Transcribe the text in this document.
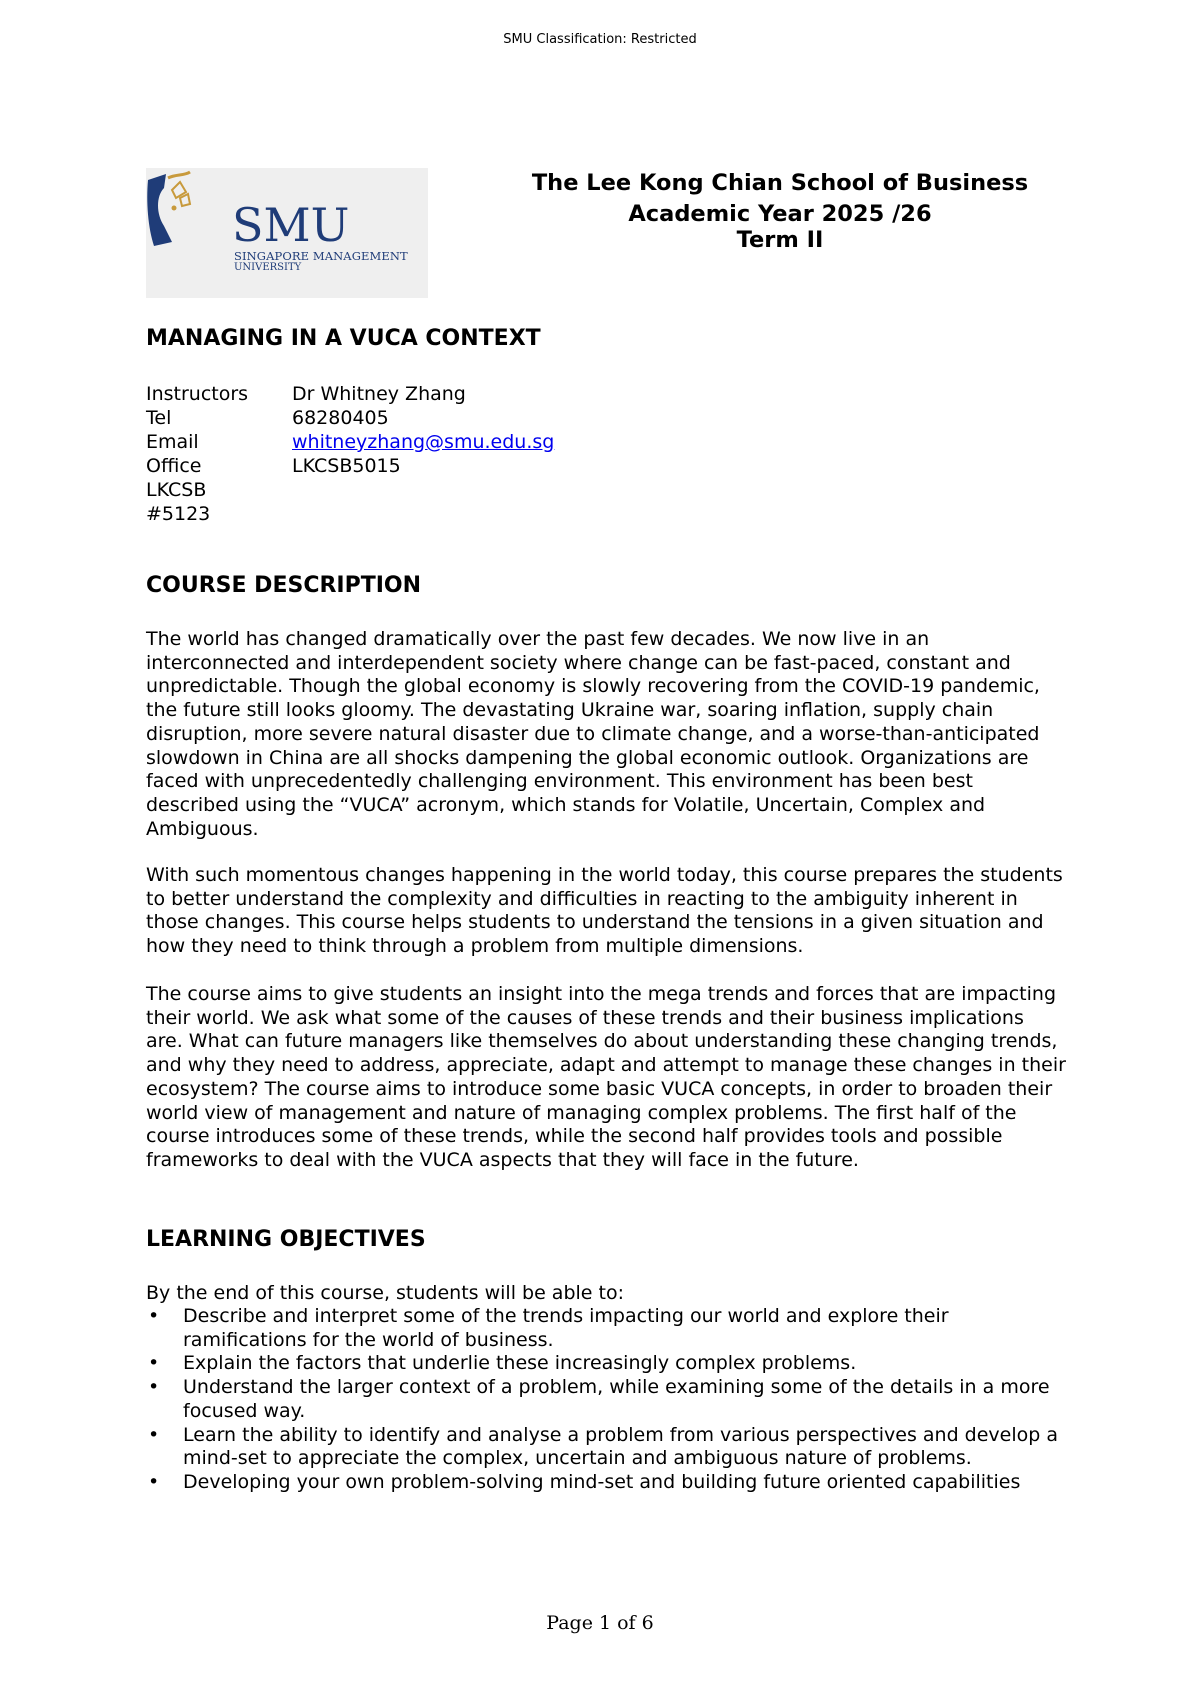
SMU Classification: Restricted
SMU
SINGAPORE MANAGEMENT
UNIVERSITY
The Lee Kong Chian School of Business
Academic Year 2025 /26
Term II
MANAGING IN A VUCA CONTEXT
Instructors	Dr Whitney Zhang
Tel	68280405
Email	whitneyzhang@smu.edu.sg
Office	LKCSB5015
LKCSB
#5123
COURSE DESCRIPTION

The world has changed dramatically over the past few decades. We now live in an interconnected and interdependent society where change can be fast-paced, constant and unpredictable. Though the global economy is slowly recovering from the COVID-19 pandemic, the future still looks gloomy. The devastating Ukraine war, soaring inflation, supply chain disruption, more severe natural disaster due to climate change, and a worse-than-anticipated slowdown in China are all shocks dampening the global economic outlook. Organizations are faced with unprecedentedly challenging environment. This environment has been best described using the “VUCA” acronym, which stands for Volatile, Uncertain, Complex and Ambiguous.

With such momentous changes happening in the world today, this course prepares the students to better understand the complexity and difficulties in reacting to the ambiguity inherent in those changes. This course helps students to understand the tensions in a given situation and how they need to think through a problem from multiple dimensions.

The course aims to give students an insight into the mega trends and forces that are impacting their world. We ask what some of the causes of these trends and their business implications are. What can future managers like themselves do about understanding these changing trends, and why they need to address, appreciate, adapt and attempt to manage these changes in their ecosystem? The course aims to introduce some basic VUCA concepts, in order to broaden their world view of management and nature of managing complex problems. The first half of the course introduces some of these trends, while the second half provides tools and possible frameworks to deal with the VUCA aspects that they will face in the future.

LEARNING OBJECTIVES

By the end of this course, students will be able to:

• Describe and interpret some of the trends impacting our world and explore their ramifications for the world of business.
• Explain the factors that underlie these increasingly complex problems.
• Understand the larger context of a problem, while examining some of the details in a more focused way.
• Learn the ability to identify and analyse a problem from various perspectives and develop a mind-set to appreciate the complex, uncertain and ambiguous nature of problems.
• Developing your own problem-solving mind-set and building future oriented capabilities
Page 1 of 6
